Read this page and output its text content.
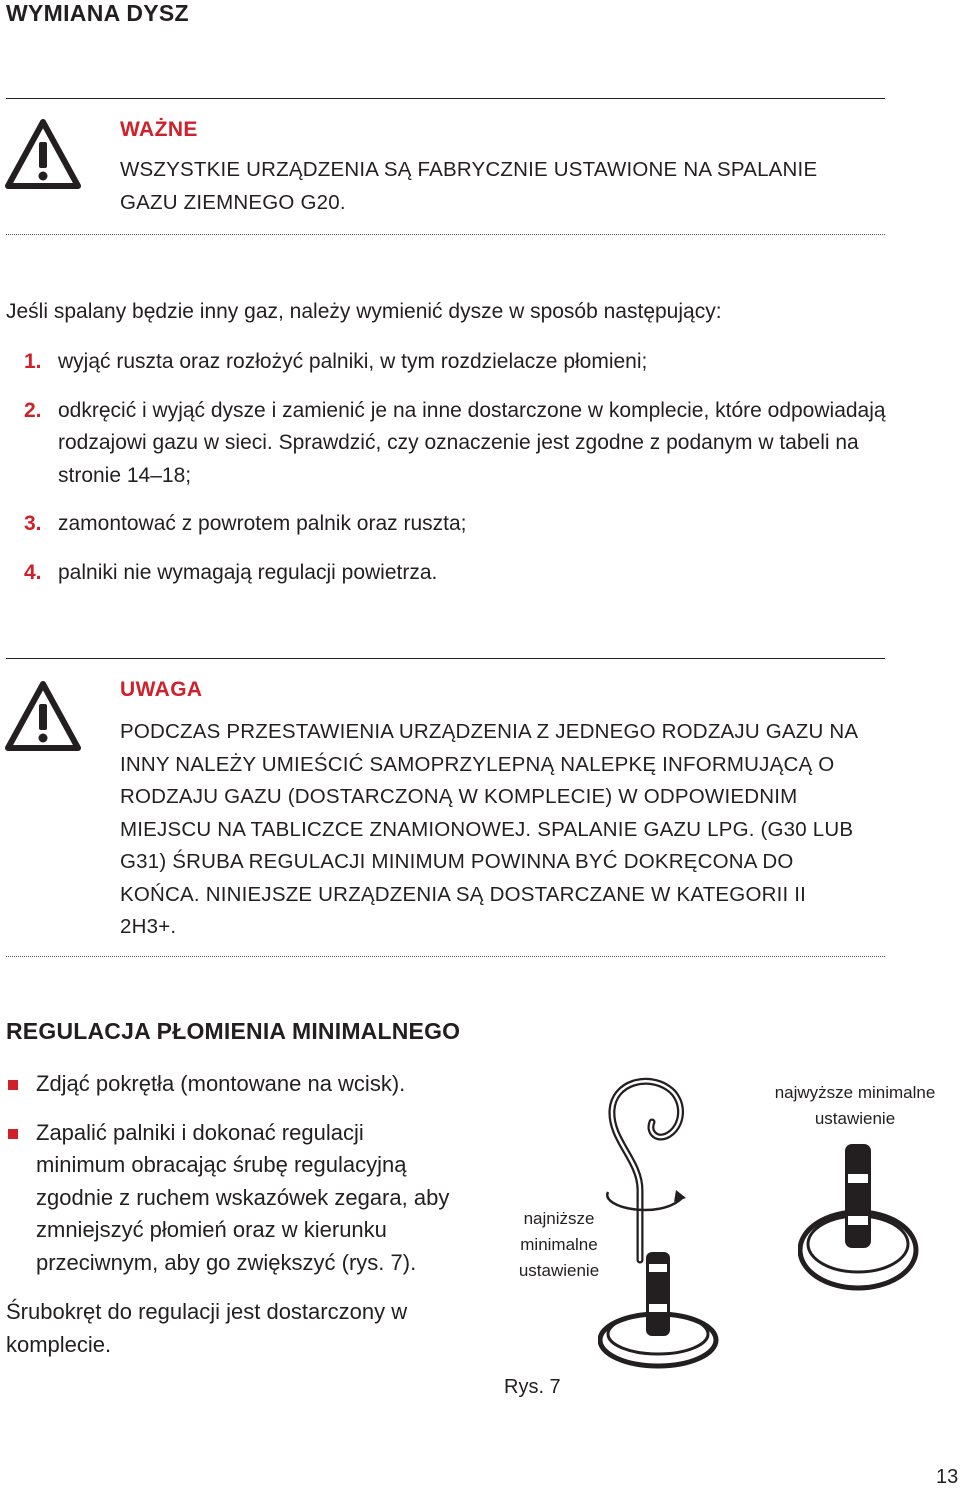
WYMIANA DYSZ
WAŻNE
WSZYSTKIE URZĄDZENIA SĄ FABRYCZNIE USTAWIONE NA SPALANIE GAZU ZIEMNEGO G20.
Jeśli spalany będzie inny gaz, należy wymienić dysze w sposób następujący:
1. wyjąć ruszta oraz rozłożyć palniki, w tym rozdzielacze płomieni;
2. odkręcić i wyjąć dysze i zamienić je na inne dostarczone w komplecie, które odpowiadają rodzajowi gazu w sieci. Sprawdzić, czy oznaczenie jest zgodne z podanym w tabeli na stronie 14–18;
3. zamontować z powrotem palnik oraz ruszta;
4. palniki nie wymagają regulacji powietrza.
UWAGA
PODCZAS PRZESTAWIENIA URZĄDZENIA Z JEDNEGO RODZAJU GAZU NA INNY NALEŻY UMIEŚCIĆ SAMOPRZYLEPNĄ NALEPKĘ INFORMUJĄCĄ O RODZAJU GAZU (DOSTARCZONĄ W KOMPLECIE) W ODPOWIEDNIM MIEJSCU NA TABLICZCE ZNAMIONOWEJ. SPALANIE GAZU LPG. (G30 LUB G31) ŚRUBA REGULACJI MINIMUM POWINNA BYĆ DOKRĘCONA DO KOŃCA. NINIEJSZE URZĄDZENIA SĄ DOSTARCZANE W KATEGORII II 2H3+.
REGULACJA PŁOMIENIA MINIMALNEGO
Zdjąć pokrętła (montowane na wcisk).
Zapalić palniki i dokonać regulacji minimum obracając śrubę regulacyjną zgodnie z ruchem wskazówek zegara, aby zmniejszyć płomień oraz w kierunku przeciwnym, aby go zwiększyć (rys. 7).
Śrubokręt do regulacji jest dostarczony w komplecie.
najwyższe minimalne ustawienie
najniższe minimalne ustawienie
Rys. 7
13
